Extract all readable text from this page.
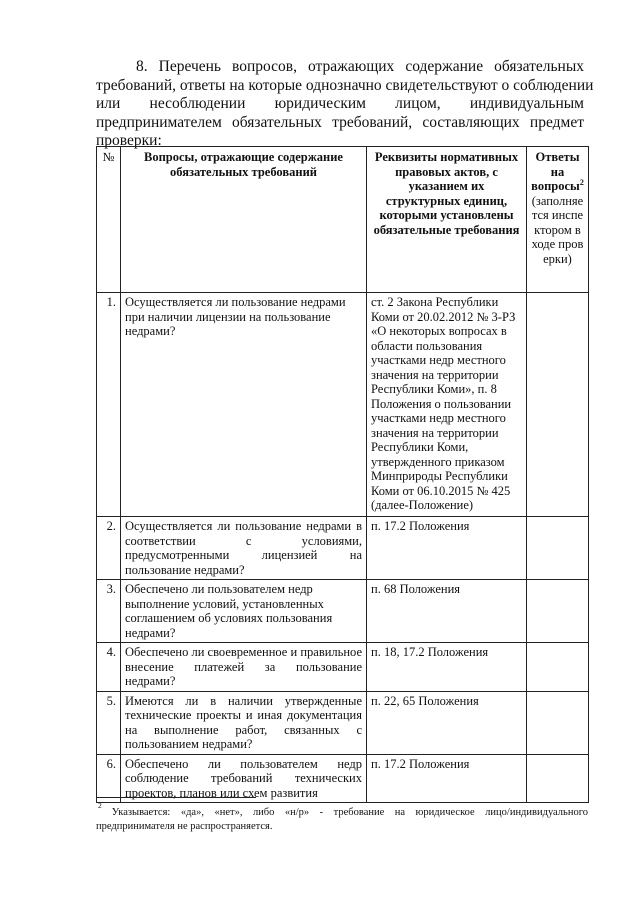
8. Перечень вопросов, отражающих содержание обязательных
требований, ответы на которые однозначно свидетельствуют о соблюдении
или несоблюдении юридическим лицом, индивидуальным
предпринимателем обязательных требований, составляющих предмет
проверки:
№	Вопросы, отражающие содержание обязательных требований	Реквизиты нормативных правовых актов, с указанием их структурных единиц, которыми установлены обязательные требования	Ответы на вопросы$^2$
(заполняется инспектором в ходе проверки)

1.	Осуществляется ли пользование недрами при наличии лицензии на пользование недрами?	ст. 2 Закона Республики Коми от 20.02.2012 № 3-РЗ «О некоторых вопросах в области пользования участками недр местного значения на территории Республики Коми», п. 8 Положения о пользовании участками недр местного значения на территории Республики Коми, утвержденного приказом Минприроды Республики Коми от 06.10.2015 № 425 (далее-Положение)	
2.	Осуществляется ли пользование недрами в соответствии с условиями, предусмотренными лицензией на пользование недрами?	п. 17.2 Положения	
3.	Обеспечено ли пользователем недр выполнение условий, установленных соглашением об условиях пользования недрами?	п. 68 Положения	
4.	Обеспечено ли своевременное и правильное внесение платежей за пользование недрами?	п. 18, 17.2 Положения	
5.	Имеются ли в наличии утвержденные технические проекты и иная документация на выполнение работ, связанных с пользованием недрами?	п. 22, 65 Положения	
6.	Обеспечено ли пользователем недр соблюдение требований технических проектов, планов или схем развития	п. 17.2 Положения	
$^2$Указывается: «да», «нет», либо «н/р» - требование на юридическое лицо/индивидуального предпринимателя не распространяется.
